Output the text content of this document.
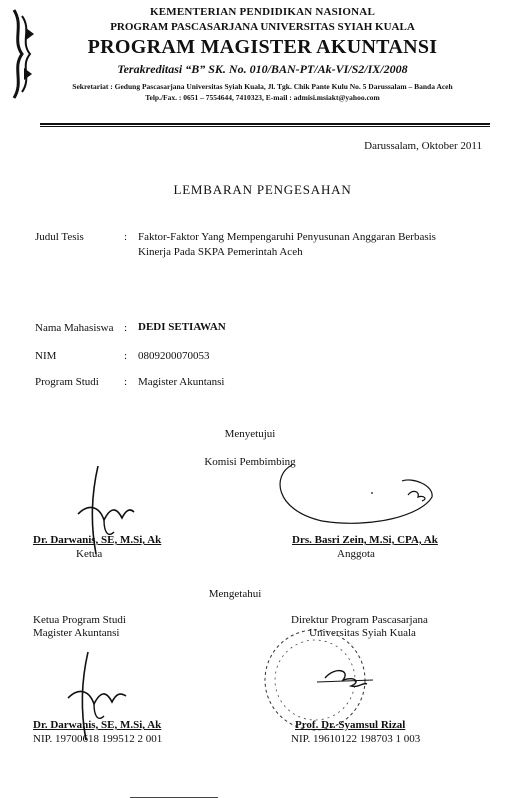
KEMENTERIAN PENDIDIKAN NASIONAL
PROGRAM PASCASARJANA UNIVERSITAS SYIAH KUALA
PROGRAM MAGISTER AKUNTANSI
Terakreditasi “B” SK. No. 010/BAN-PT/Ak-VI/S2/IX/2008
Sekretariat : Gedung Pascasarjana Universitas Syiah Kuala, Jl. Tgk. Chik Pante Kulu No. 5 Darussalam – Banda Aceh
Telp./Fax. : 0651 – 7554644, 7410323, E-mail : admisi.msiakt@yahoo.com
Darussalam, Oktober 2011
LEMBARAN PENGESAHAN
Judul Tesis	: Faktor-Faktor Yang Mempengaruhi Penyusunan Anggaran Berbasis
Kinerja Pada SKPA Pemerintah Aceh
Nama Mahasiswa : DEDI SETIAWAN
NIM	: 0809200070053
Program Studi : Magister Akuntansi
Menyetujui
Komisi Pembimbing
Dr. Darwanis, SE, M.Si, Ak
Ketua
Drs. Basri Zein, M.Si, CPA, Ak
Anggota
Mengetahui
Ketua Program Studi
Magister Akuntansi
Direktur Program Pascasarjana
Universitas Syiah Kuala
Dr. Darwanis, SE, M.Si, Ak
NIP. 19700618 199512 2 001
Prof. Dr. Syamsul Rizal
NIP. 19610122 198703 1 003
